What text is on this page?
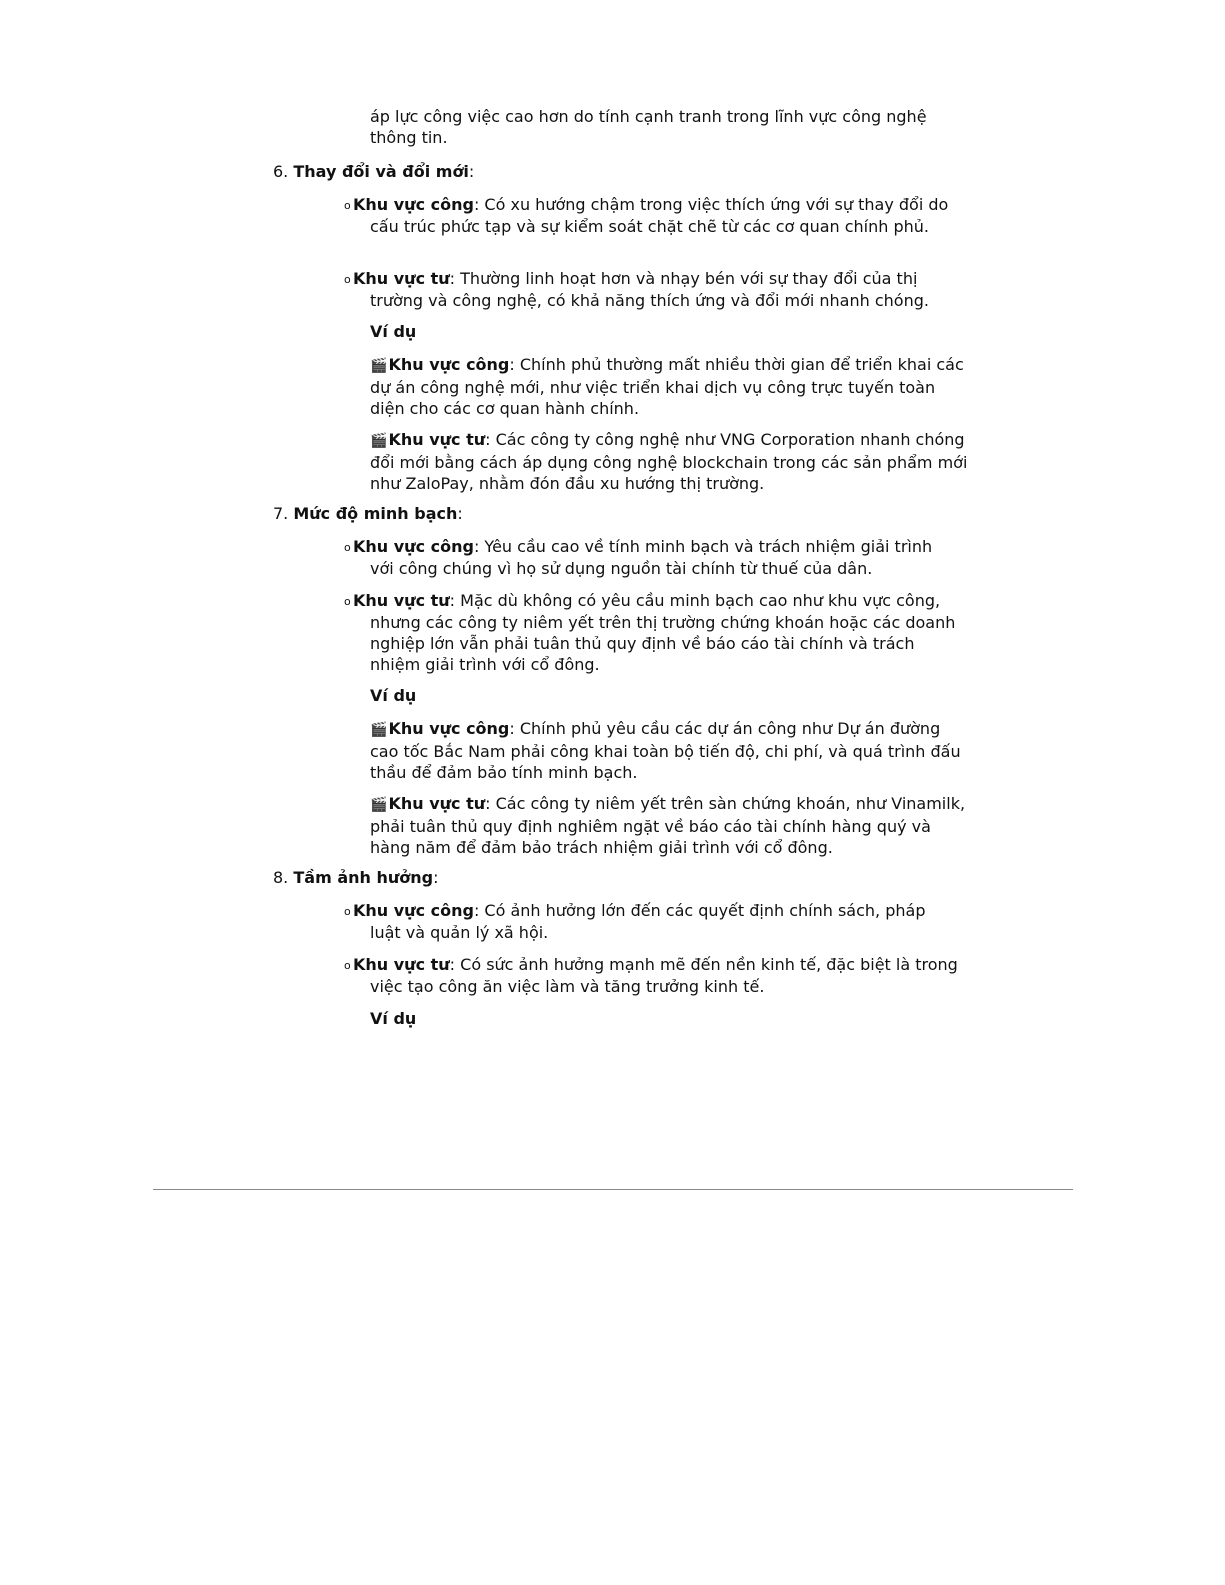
áp lực công việc cao hơn do tính cạnh tranh trong lĩnh vực công nghệ thông tin.
6. Thay đổi và đổi mới:
o Khu vực công: Có xu hướng chậm trong việc thích ứng với sự thay đổi do cấu trúc phức tạp và sự kiểm soát chặt chẽ từ các cơ quan chính phủ.
o Khu vực tư: Thường linh hoạt hơn và nhạy bén với sự thay đổi của thị trường và công nghệ, có khả năng thích ứng và đổi mới nhanh chóng.
Ví dụ
🎬Khu vực công: Chính phủ thường mất nhiều thời gian để triển khai các dự án công nghệ mới, như việc triển khai dịch vụ công trực tuyến toàn diện cho các cơ quan hành chính.
🎬Khu vực tư: Các công ty công nghệ như VNG Corporation nhanh chóng đổi mới bằng cách áp dụng công nghệ blockchain trong các sản phẩm mới như ZaloPay, nhằm đón đầu xu hướng thị trường.
7. Mức độ minh bạch:
o Khu vực công: Yêu cầu cao về tính minh bạch và trách nhiệm giải trình với công chúng vì họ sử dụng nguồn tài chính từ thuế của dân.
o Khu vực tư: Mặc dù không có yêu cầu minh bạch cao như khu vực công, nhưng các công ty niêm yết trên thị trường chứng khoán hoặc các doanh nghiệp lớn vẫn phải tuân thủ quy định về báo cáo tài chính và trách nhiệm giải trình với cổ đông.
Ví dụ
🎬Khu vực công: Chính phủ yêu cầu các dự án công như Dự án đường cao tốc Bắc Nam phải công khai toàn bộ tiến độ, chi phí, và quá trình đấu thầu để đảm bảo tính minh bạch.
🎬Khu vực tư: Các công ty niêm yết trên sàn chứng khoán, như Vinamilk, phải tuân thủ quy định nghiêm ngặt về báo cáo tài chính hàng quý và hàng năm để đảm bảo trách nhiệm giải trình với cổ đông.
8. Tầm ảnh hưởng:
o Khu vực công: Có ảnh hưởng lớn đến các quyết định chính sách, pháp luật và quản lý xã hội.
o Khu vực tư: Có sức ảnh hưởng mạnh mẽ đến nền kinh tế, đặc biệt là trong việc tạo công ăn việc làm và tăng trưởng kinh tế.
Ví dụ
